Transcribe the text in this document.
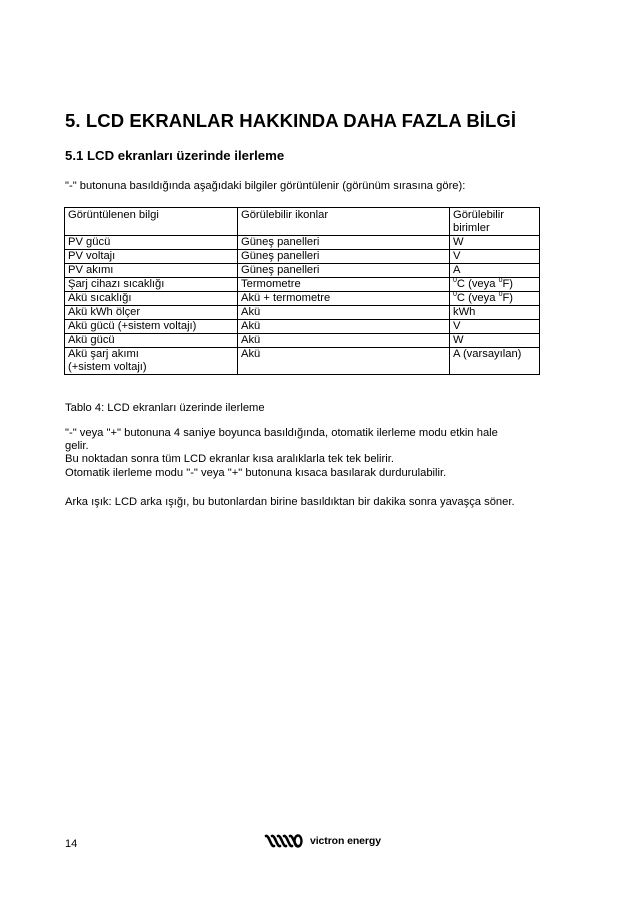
5. LCD EKRANLAR HAKKINDA DAHA FAZLA BİLGİ
5.1 LCD ekranları üzerinde ilerleme

"-" butonuna basıldığında aşağıdaki bilgiler görüntülenir (görünüm sırasına göre):

Görüntülenen bilgi	Görülebilir ikonlar	Görülebilir birimler
PV gücü	Güneş panelleri	W
PV voltajı	Güneş panelleri	V
PV akımı	Güneş panelleri	A
Şarj cihazı sıcaklığı	Termometre	$^0$C (veya $^0$F)
Akü sıcaklığı	Akü + termometre	$^0$C (veya $^0$F)
Akü kWh ölçer	Akü	kWh
Akü gücü (+sistem voltajı)	Akü	V
Akü gücü	Akü	W
Akü şarj akımı (+sistem voltajı)	Akü	A (varsayılan)

Tablo 4: LCD ekranları üzerinde ilerleme

"-" veya "+" butonuna 4 saniye boyunca basıldığında, otomatik ilerleme modu etkin hale
gelir.
Bu noktadan sonra tüm LCD ekranlar kısa aralıklarla tek tek belirir.
Otomatik ilerleme modu "-" veya "+" butonuna kısaca basılarak durdurulabilir.

Arka ışık: LCD arka ışığı, bu butonlardan birine basıldıktan bir dakika sonra yavaşça söner.

14	victron energy
